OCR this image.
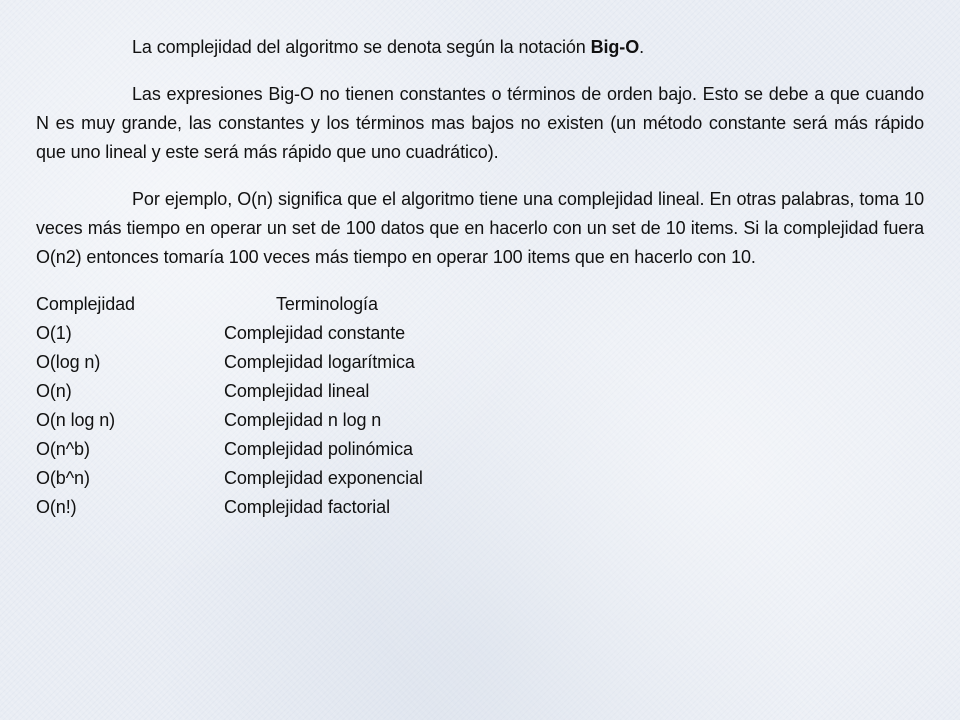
La complejidad del algoritmo se denota según la notación Big-O.

Las expresiones Big-O no tienen constantes o términos de orden bajo. Esto se debe a que cuando N es muy grande, las constantes y los términos mas bajos no existen (un método constante será más rápido que uno lineal y este será más rápido que uno cuadrático).

Por ejemplo, O(n) significa que el algoritmo tiene una complejidad lineal. En otras palabras, toma 10 veces más tiempo en operar un set de 100 datos que en hacerlo con un set de 10 items. Si la complejidad fuera O(n2) entonces tomaría 100 veces más tiempo en operar 100 items que en hacerlo con 10.

Complejidad	Terminología
O(1)	Complejidad constante
O(log n)	Complejidad logarítmica
O(n)	Complejidad lineal
O(n log n)	Complejidad n log n
O(n^b)	Complejidad polinómica
O(b^n)	Complejidad exponencial
O(n!)	Complejidad factorial
